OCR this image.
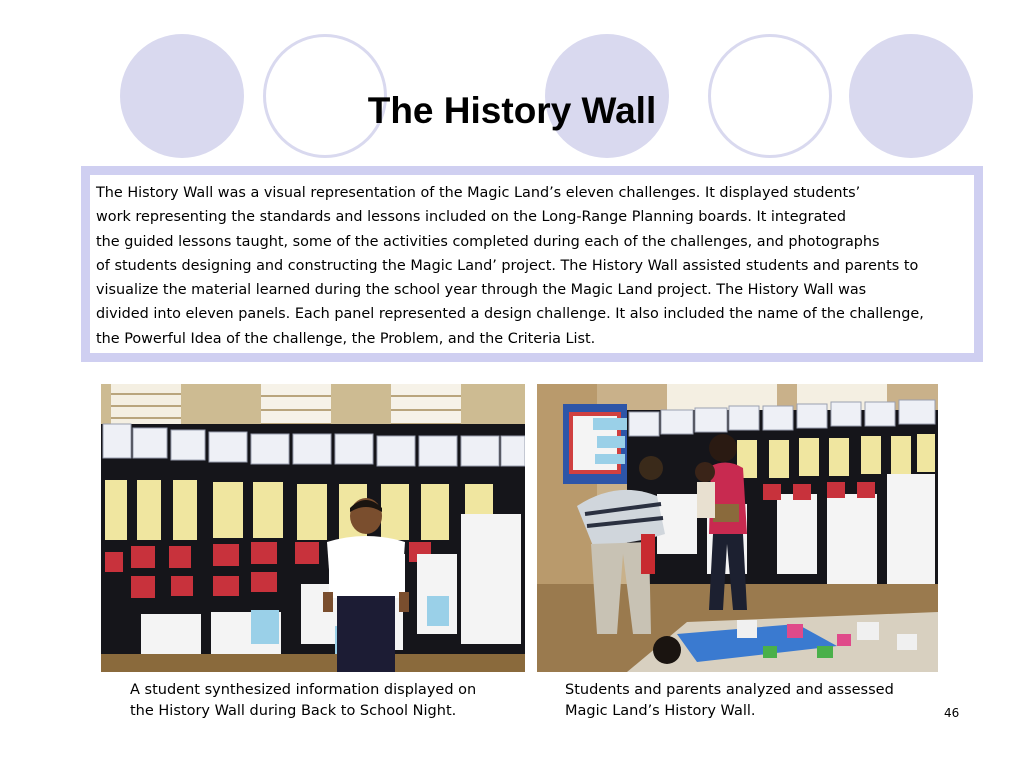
The History Wall
The History Wall was a visual representation of the Magic Land’s eleven challenges. It displayed students’
work representing the standards and lessons included on the Long-Range Planning boards. It integrated
the guided lessons taught, some of the activities completed during each of the challenges, and photographs
of students designing and constructing the Magic Land’ project. The History Wall assisted students and parents to
visualize the material learned during the school year through the Magic Land project. The History Wall was
divided into eleven panels. Each panel represented a design challenge. It also included the name of the challenge,
the Powerful Idea of the challenge, the Problem, and the Criteria List.
A student synthesized information displayed on
the History Wall during Back to School Night.
Students and parents analyzed and assessed
Magic Land’s History Wall.	46
